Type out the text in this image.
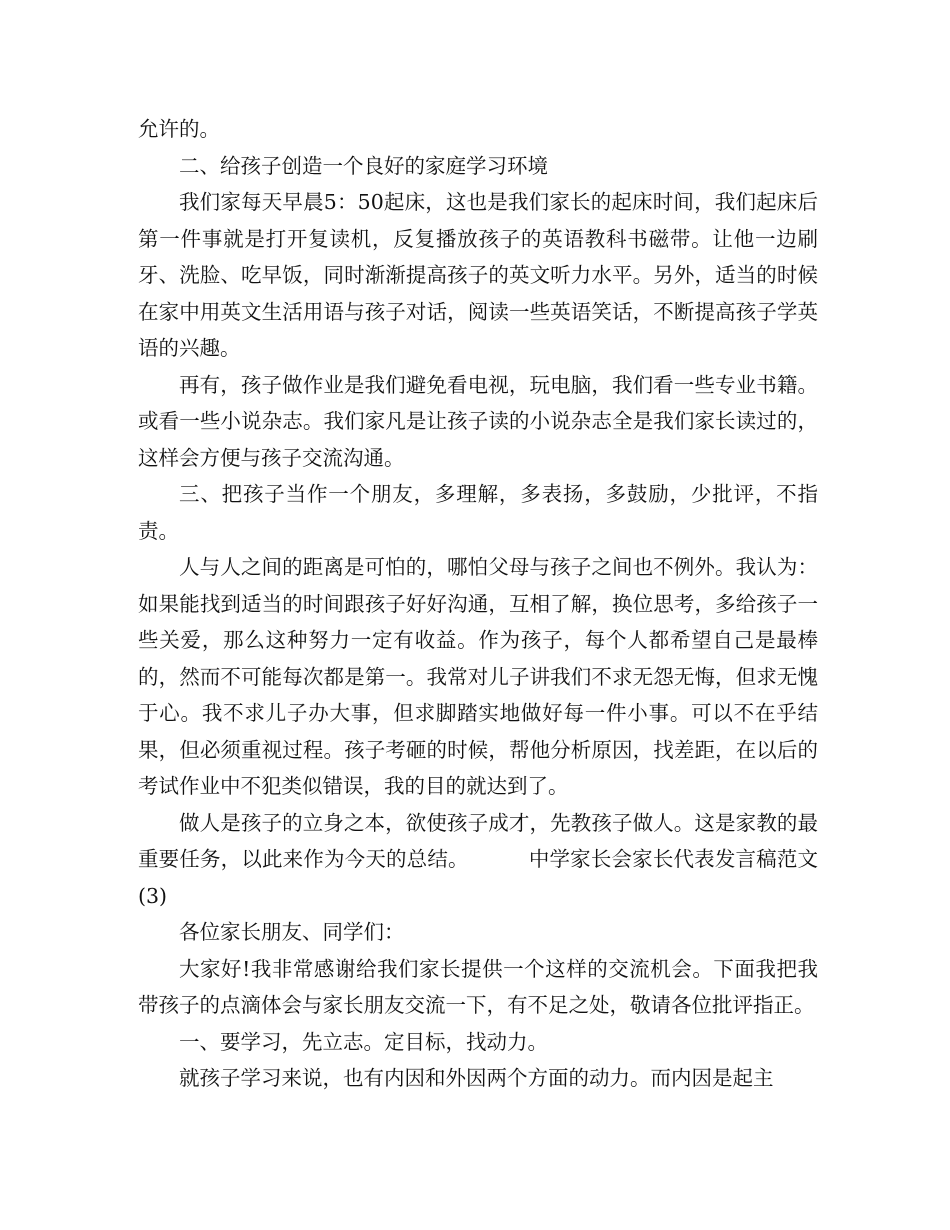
允许的。

二、给孩子创造一个良好的家庭学习环境

我们家每天早晨5：50起床，这也是我们家长的起床时间，我们起床后第一件事就是打开复读机，反复播放孩子的英语教科书磁带。让他一边刷牙、洗脸、吃早饭，同时渐渐提高孩子的英文听力水平。另外，适当的时候在家中用英文生活用语与孩子对话，阅读一些英语笑话，不断提高孩子学英语的兴趣。

再有，孩子做作业是我们避免看电视，玩电脑，我们看一些专业书籍。或看一些小说杂志。我们家凡是让孩子读的小说杂志全是我们家长读过的，这样会方便与孩子交流沟通。

三、把孩子当作一个朋友，多理解，多表扬，多鼓励，少批评，不指责。

人与人之间的距离是可怕的，哪怕父母与孩子之间也不例外。我认为：如果能找到适当的时间跟孩子好好沟通，互相了解，换位思考，多给孩子一些关爱，那么这种努力一定有收益。作为孩子，每个人都希望自己是最棒的，然而不可能每次都是第一。我常对儿子讲我们不求无怨无悔，但求无愧于心。我不求儿子办大事，但求脚踏实地做好每一件小事。可以不在乎结果，但必须重视过程。孩子考砸的时候，帮他分析原因，找差距，在以后的考试作业中不犯类似错误，我的目的就达到了。

做人是孩子的立身之本，欲使孩子成才，先教孩子做人。这是家教的最重要任务，以此来作为今天的总结。	中学家长会家长代表发言稿范文(3)

各位家长朋友、同学们：

大家好!我非常感谢给我们家长提供一个这样的交流机会。下面我把我带孩子的点滴体会与家长朋友交流一下，有不足之处，敬请各位批评指正。

一、要学习，先立志。定目标，找动力。

就孩子学习来说，也有内因和外因两个方面的动力。而内因是起主
